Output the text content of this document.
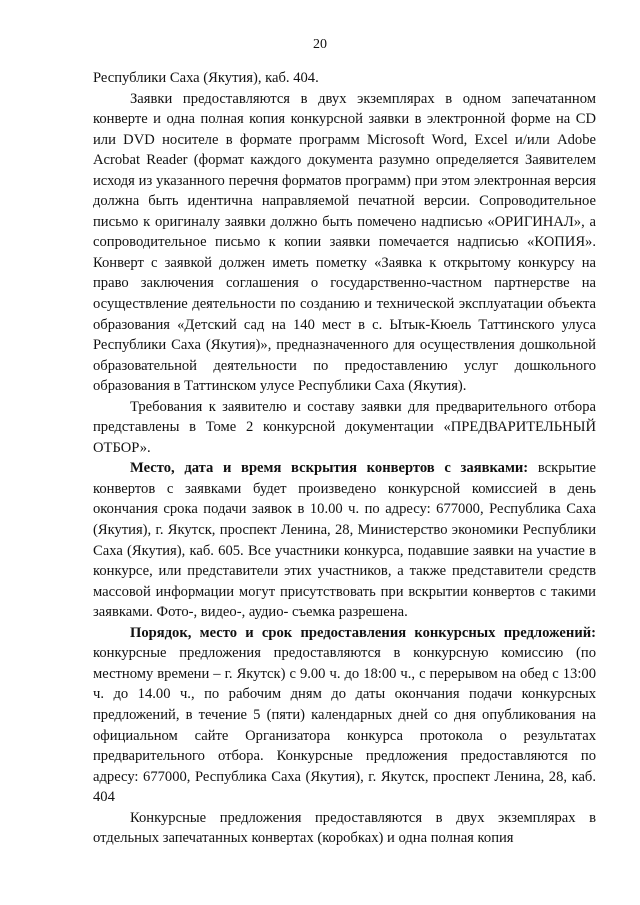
20

Республики Саха (Якутия), каб. 404.

Заявки предоставляются в двух экземплярах в одном запечатанном конверте и одна полная копия конкурсной заявки в электронной форме на CD или DVD носителе в формате программ Microsoft Word, Excel и/или Adobe Acrobat Reader (формат каждого документа разумно определяется Заявителем исходя из указанного перечня форматов программ) при этом электронная версия должна быть идентична направляемой печатной версии. Сопроводительное письмо к оригиналу заявки должно быть помечено надписью «ОРИГИНАЛ», а сопроводительное письмо к копии заявки помечается надписью «КОПИЯ». Конверт с заявкой должен иметь пометку «Заявка к открытому конкурсу на право заключения соглашения о государственно-частном партнерстве на осуществление деятельности по созданию и технической эксплуатации объекта образования «Детский сад на 140 мест в с. Ытык-Кюель Таттинского улуса Республики Саха (Якутия)», предназначенного для осуществления дошкольной образовательной деятельности по предоставлению услуг дошкольного образования в Таттинском улусе Республики Саха (Якутия).

Требования к заявителю и составу заявки для предварительного отбора представлены в Томе 2 конкурсной документации «ПРЕДВАРИТЕЛЬНЫЙ ОТБОР».

Место, дата и время вскрытия конвертов с заявками: вскрытие конвертов с заявками будет произведено конкурсной комиссией в день окончания срока подачи заявок в 10.00 ч. по адресу: 677000, Республика Саха (Якутия), г. Якутск, проспект Ленина, 28, Министерство экономики Республики Саха (Якутия), каб. 605. Все участники конкурса, подавшие заявки на участие в конкурсе, или представители этих участников, а также представители средств массовой информации могут присутствовать при вскрытии конвертов с такими заявками. Фото-, видео-, аудио- съемка разрешена.

Порядок, место и срок предоставления конкурсных предложений: конкурсные предложения предоставляются в конкурсную комиссию (по местному времени – г. Якутск) с 9.00 ч. до 18:00 ч., с перерывом на обед с 13:00 ч. до 14.00 ч., по рабочим дням до даты окончания подачи конкурсных предложений, в течение 5 (пяти) календарных дней со дня опубликования на официальном сайте Организатора конкурса протокола о результатах предварительного отбора. Конкурсные предложения предоставляются по адресу: 677000, Республика Саха (Якутия), г. Якутск, проспект Ленина, 28, каб. 404

Конкурсные предложения предоставляются в двух экземплярах в отдельных запечатанных конвертах (коробках) и одна полная копия
